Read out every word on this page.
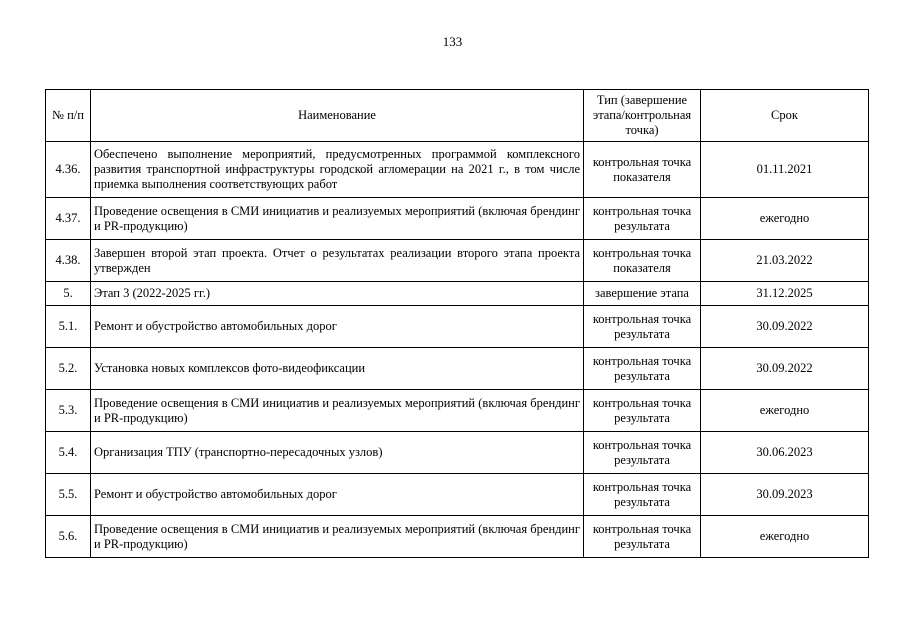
133
№ п/п	Наименование	Тип (завершение этапа/контрольная точка)	Срок
4.36.	Обеспечено выполнение мероприятий, предусмотренных программой комплексного развития транспортной инфраструктуры городской агломерации на 2021 г., в том числе приемка выполнения соответствующих работ	контрольная точка показателя	01.11.2021
4.37.	Проведение освещения в СМИ инициатив и реализуемых мероприятий (включая брендинг и PR-продукцию)	контрольная точка результата	ежегодно
4.38.	Завершен второй этап проекта. Отчет о результатах реализации второго этапа проекта утвержден	контрольная точка показателя	21.03.2022
5.	Этап 3 (2022-2025 гг.)	завершение этапа	31.12.2025
5.1.	Ремонт и обустройство автомобильных дорог	контрольная точка результата	30.09.2022
5.2.	Установка новых комплексов фото-видеофиксации	контрольная точка результата	30.09.2022
5.3.	Проведение освещения в СМИ инициатив и реализуемых мероприятий (включая брендинг и PR-продукцию)	контрольная точка результата	ежегодно
5.4.	Организация ТПУ (транспортно-пересадочных узлов)	контрольная точка результата	30.06.2023
5.5.	Ремонт и обустройство автомобильных дорог	контрольная точка результата	30.09.2023
5.6.	Проведение освещения в СМИ инициатив и реализуемых мероприятий (включая брендинг и PR-продукцию)	контрольная точка результата	ежегодно
